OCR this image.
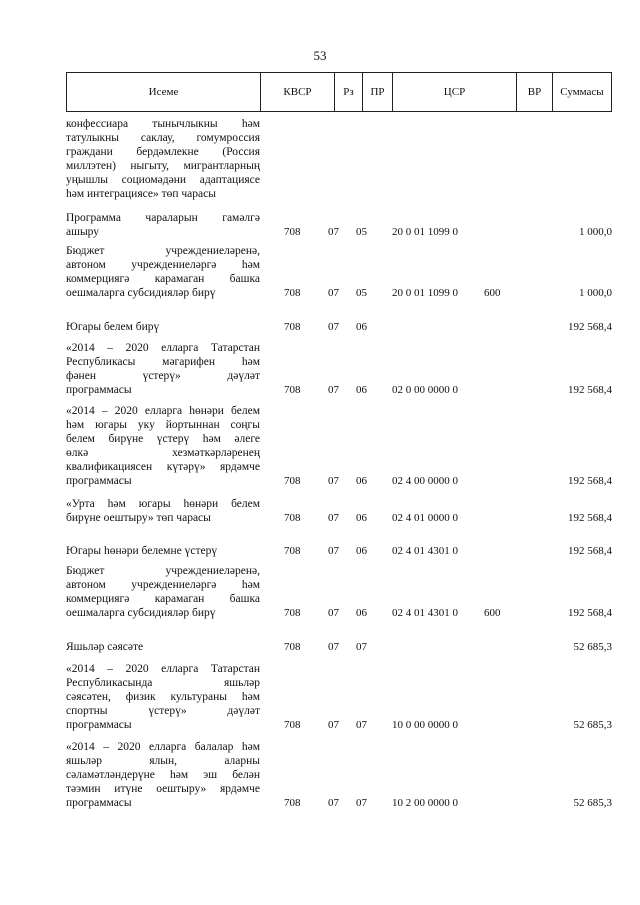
53
Исеме	КВСР	Рз	ПР	ЦСР	ВР	Суммасы
конфессиара тынычлыкны һәм
татулыкны саклау, гомумроссия
граждани бердәмлекне (Россия
миллэтен) ныгыту, мигрантларның
уңышлы социомәдәни адаптациясе
һәм интеграциясе» төп чарасы
Программа чараларын гамәлгә
ашыру	708	07 05 20 0 01 1099 0	1 000,0
Бюджет учреждениеләренә,
автоном учреждениеләргә һәм
коммерциягә карамаган башка
оешмаларга субсидияләр бирү	708	07 05 20 0 01 1099 0 600	1 000,0
Югары белем бирү	708	07 06	192 568,4
«2014 – 2020 елларга Татарстан
Республикасы мәгарифен һәм
фәнен үстерү» дәүләт
программасы	708	07 06 02 0 00 0000 0	192 568,4
«2014 – 2020 елларга һөнәри белем
һәм югары уку йортыннан соңгы
белем бирүне үстерү һәм әлеге
өлкә хезмәткәрләренең
квалификациясен күтәрү» ярдәмче
программасы	708	07 06 02 4 00 0000 0	192 568,4
«Урта һәм югары һөнәри белем
бирүне оештыру» төп чарасы	708	07 06 02 4 01 0000 0	192 568,4
Югары һөнәри белемне үстерү	708	07 06 02 4 01 4301 0	192 568,4
Бюджет учреждениеләренә,
автоном учреждениеләргә һәм
коммерциягә карамаган башка
оешмаларга субсидияләр бирү	708	07 06 02 4 01 4301 0 600	192 568,4
Яшьләр сәясәте	708	07 07	52 685,3
«2014 – 2020 елларга Татарстан
Республикасында яшьләр
сәясәтен, физик культураны һәм
спортны үстерү» дәүләт
программасы	708	07 07 10 0 00 0000 0	52 685,3
«2014 – 2020 елларга балалар һәм
яшьләр ялын, аларны
сәламәтләндерүне һәм эш белән
тәэмин итүне оештыру» ярдәмче
программасы	708	07 07 10 2 00 0000 0	52 685,3
